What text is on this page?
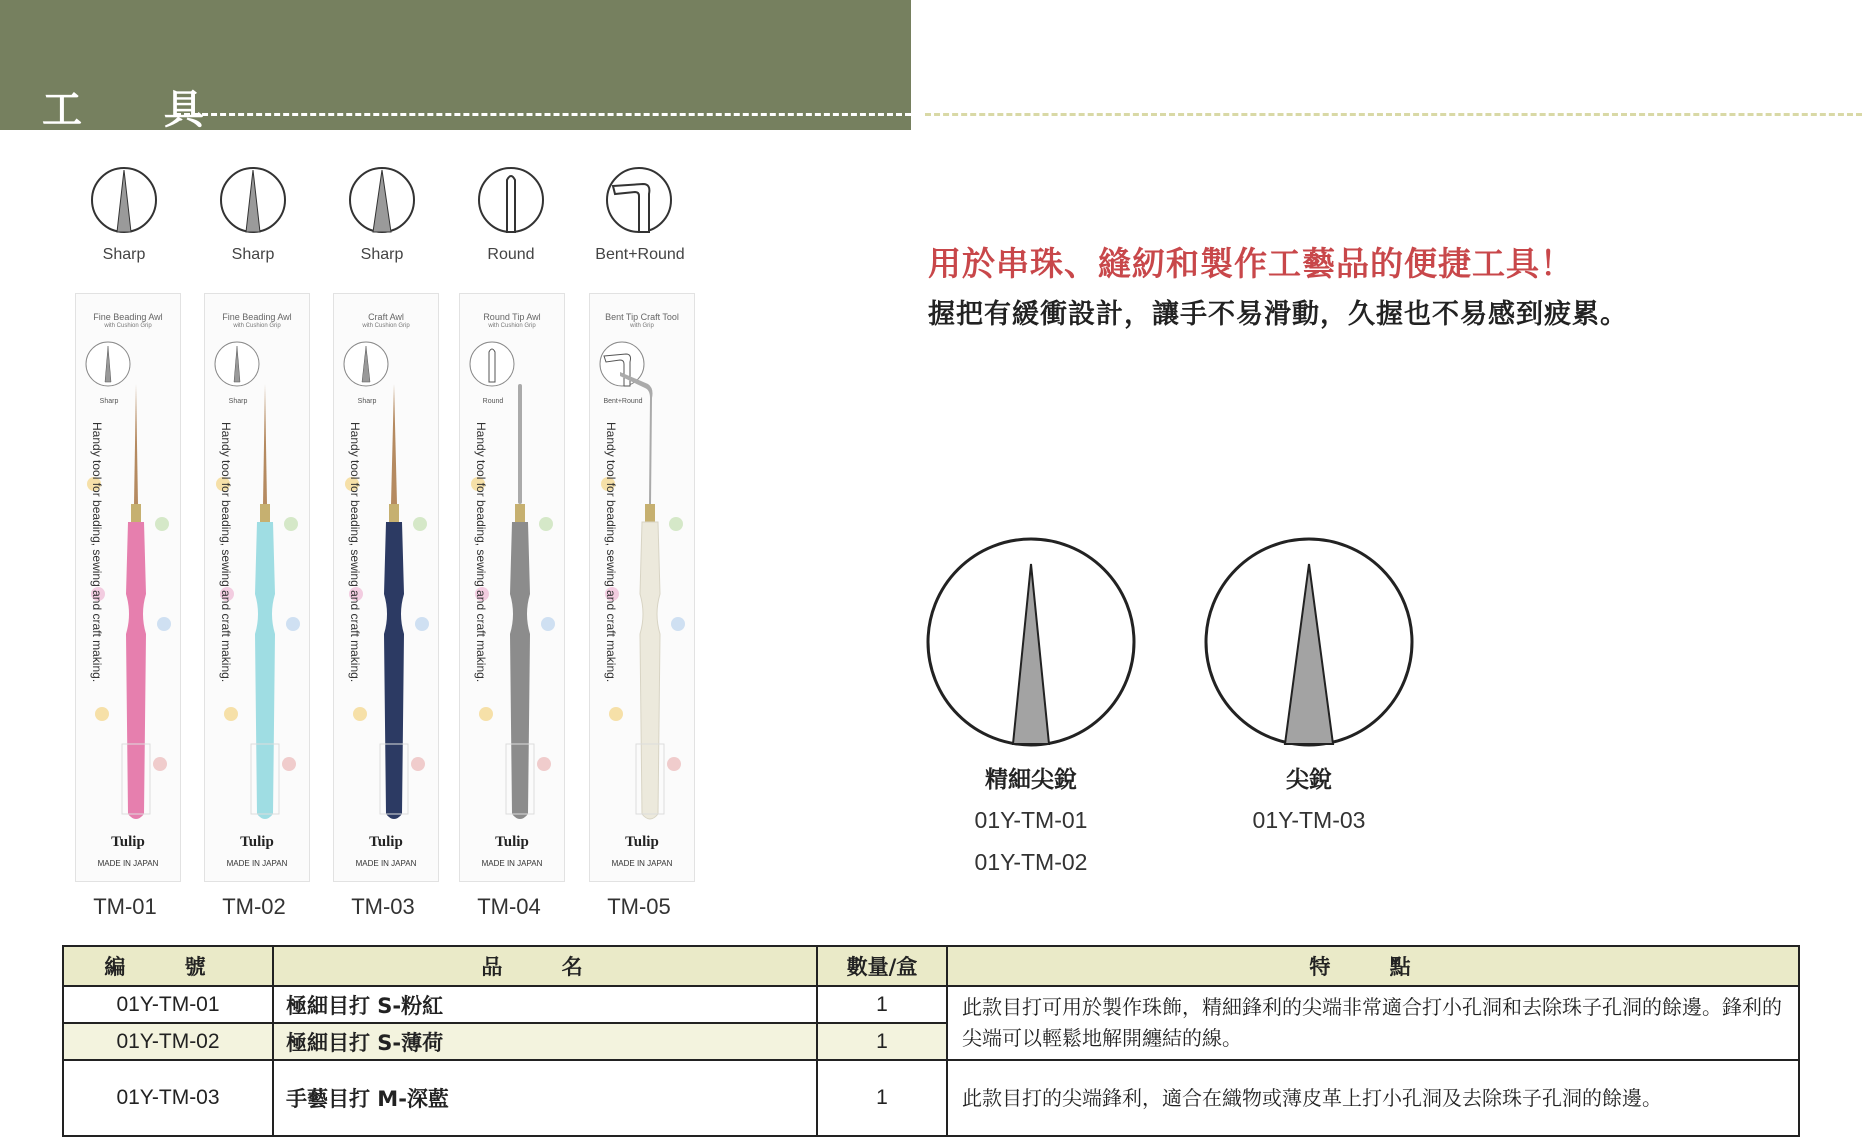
工 具
Sharp	Sharp	Sharp	Round	Bent+Round
Fine Beading Awl
with Cushion Grip
Sharp
Handy tool for beading, sewing and craft making.
Tulip
MADE IN JAPAN
TM-01
Fine Beading Awl
with Cushion Grip
Sharp
Handy tool for beading, sewing and craft making.
Tulip
MADE IN JAPAN
TM-02
Craft Awl
with Cushion Grip
Sharp
Handy tool for beading, sewing and craft making.
Tulip
MADE IN JAPAN
TM-03
Round Tip Awl
with Cushion Grip
Round
Handy tool for beading, sewing and craft making.
Tulip
MADE IN JAPAN
TM-04
Bent Tip Craft Tool
with Grip
Bent+Round
Handy tool for beading, sewing and craft making.
Tulip
MADE IN JAPAN
TM-05
用於串珠、縫紉和製作工藝品的便捷工具！
握把有緩衝設計，讓手不易滑動，久握也不易感到疲累。
精細尖銳
01Y-TM-01
01Y-TM-02
尖銳
01Y-TM-03
編 號	品 名	數量/盒	特 點
01Y-TM-01	極細目打 S-粉紅	1	此款目打可用於製作珠飾，精細鋒利的尖端非常適合打小孔洞和去除珠子孔洞的餘邊。鋒利的尖端可以輕鬆地解開纏結的線。
01Y-TM-02	極細目打 S-薄荷	1	
01Y-TM-03	手藝目打 M-深藍	1	此款目打的尖端鋒利，適合在織物或薄皮革上打小孔洞及去除珠子孔洞的餘邊。
